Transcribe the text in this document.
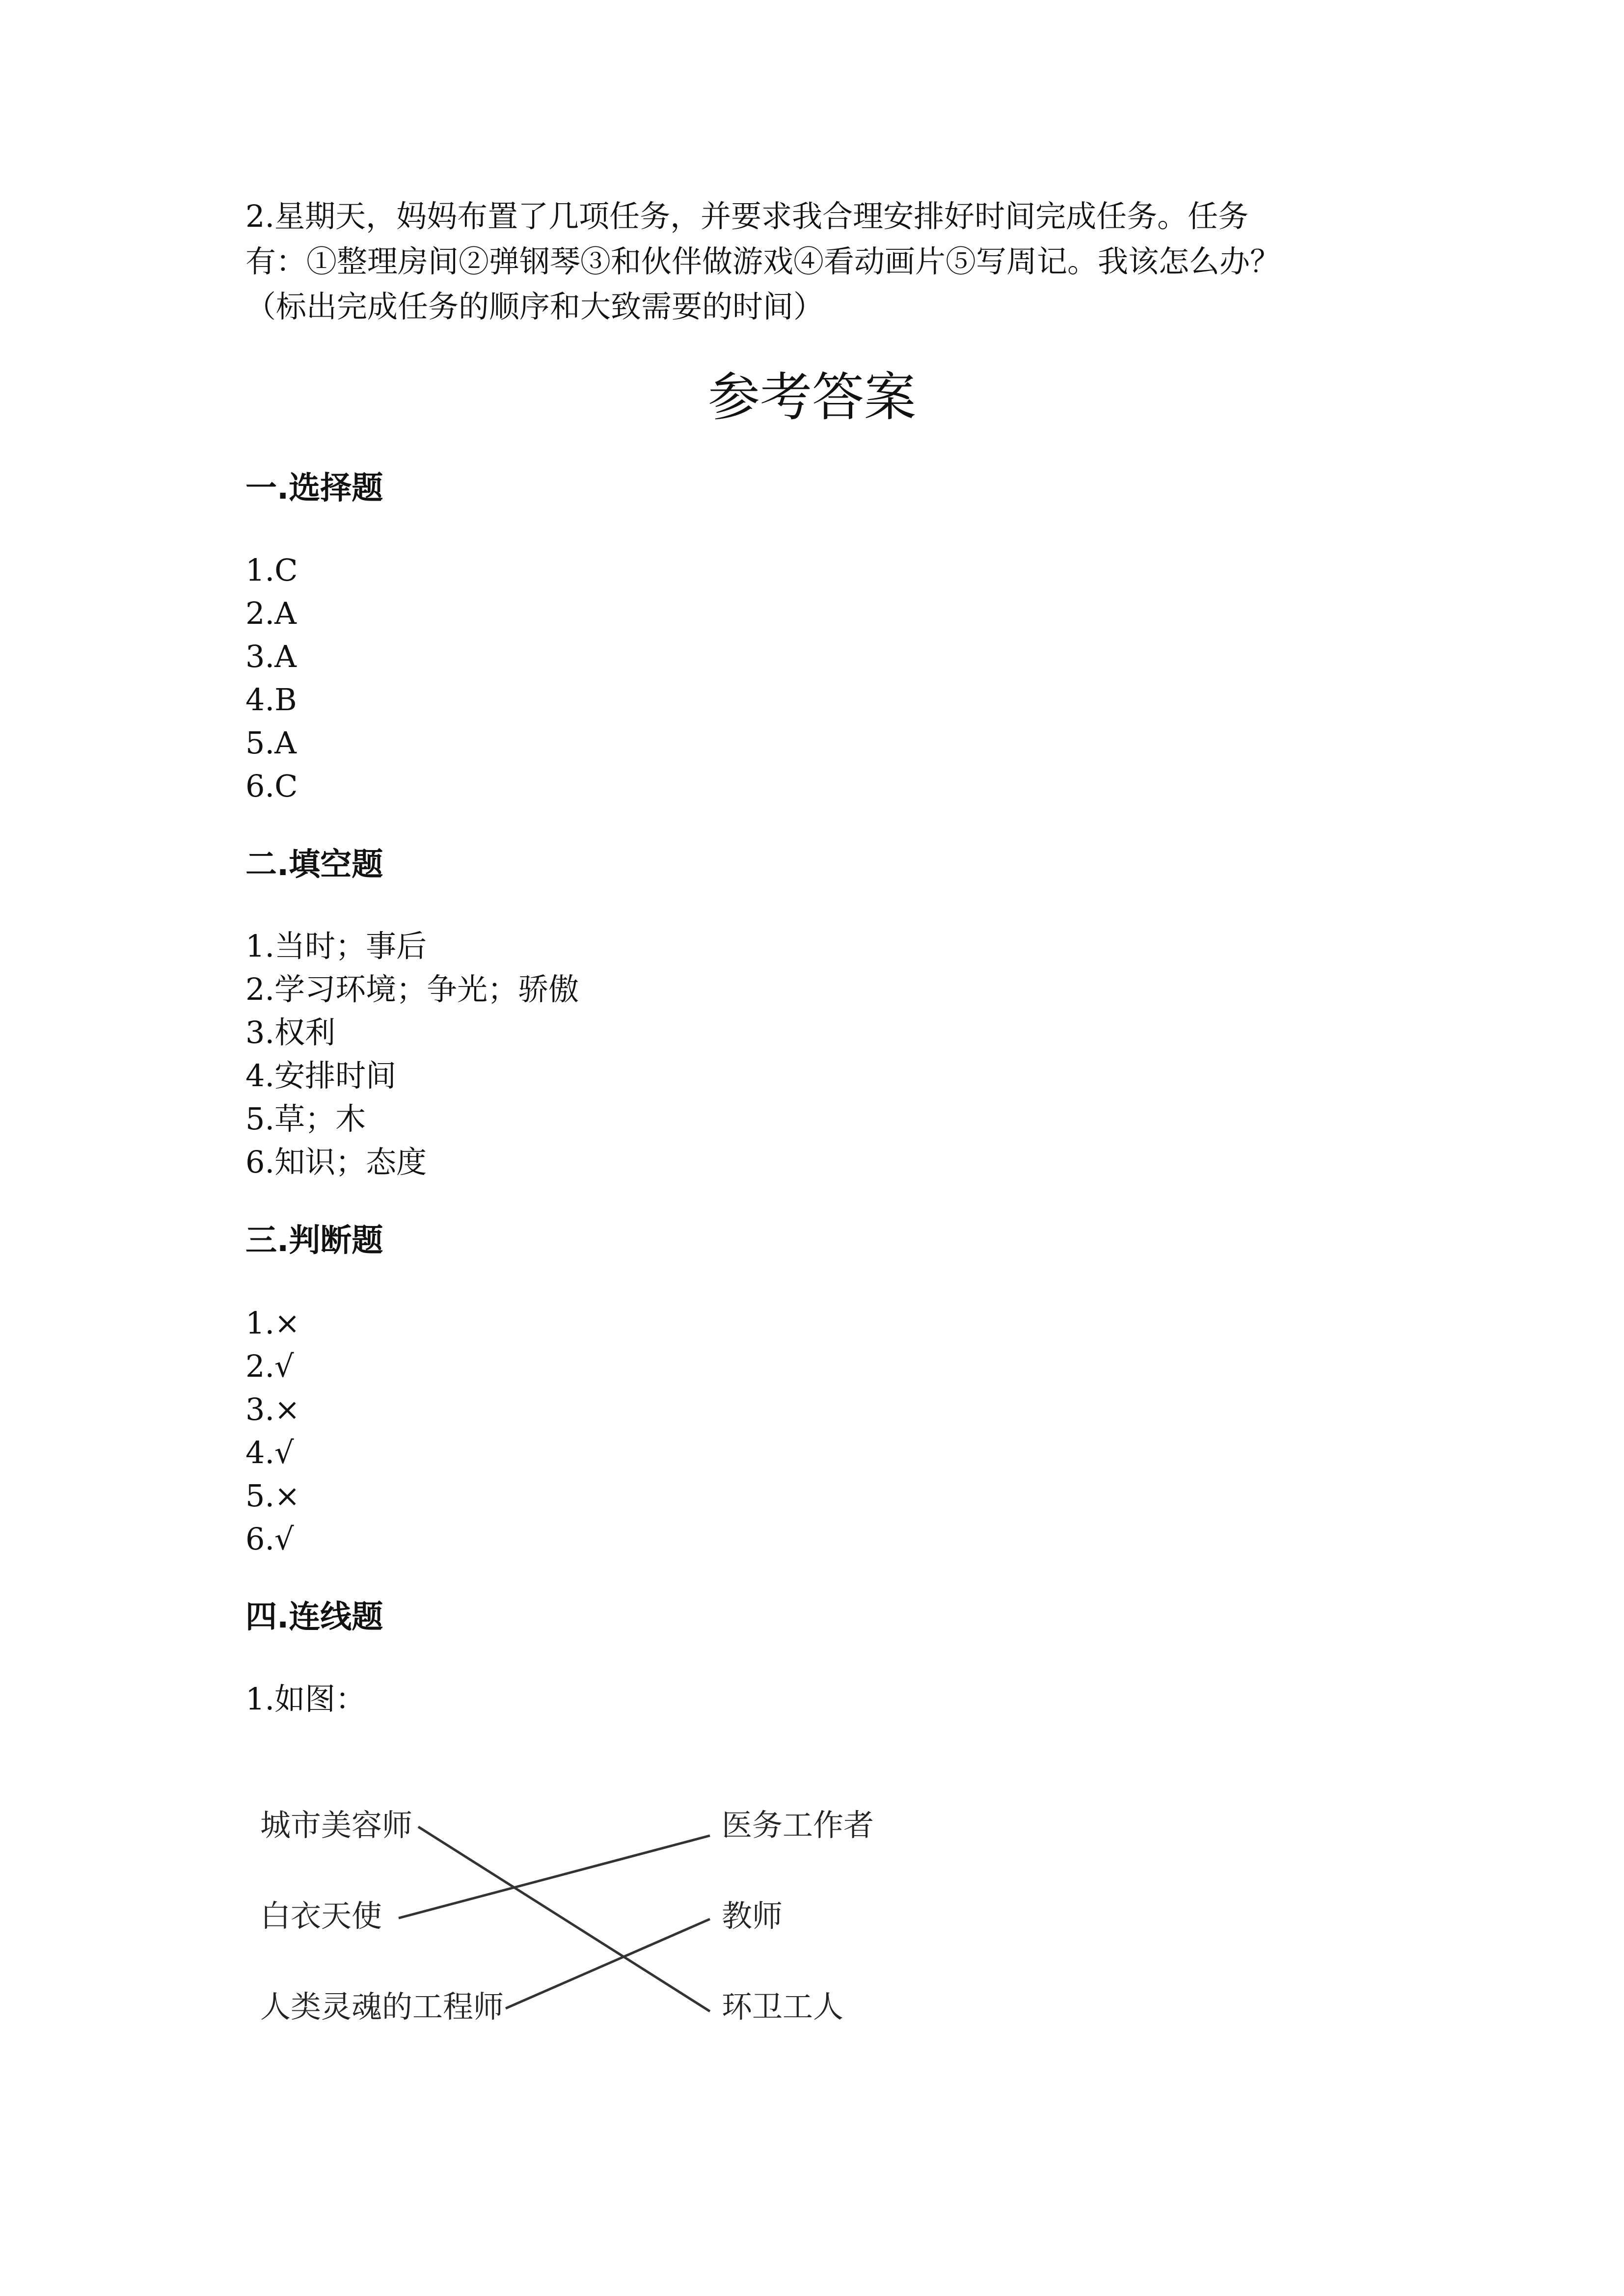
2.星期天，妈妈布置了几项任务，并要求我合理安排好时间完成任务。任务
有：①整理房间②弹钢琴③和伙伴做游戏④看动画片⑤写周记。我该怎么办？
（标出完成任务的顺序和大致需要的时间）
参考答案
一.选择题
1.C
2.A
3.A
4.B
5.A
6.C
二.填空题
1.当时；事后
2.学习环境；争光；骄傲
3.权利
4.安排时间
5.草；木
6.知识；态度
三.判断题
1.×
2.√
3.×
4.√
5.×
6.√
四.连线题
1.如图：
城市美容师
白衣天使
人类灵魂的工程师
医务工作者
教师
环卫工人
